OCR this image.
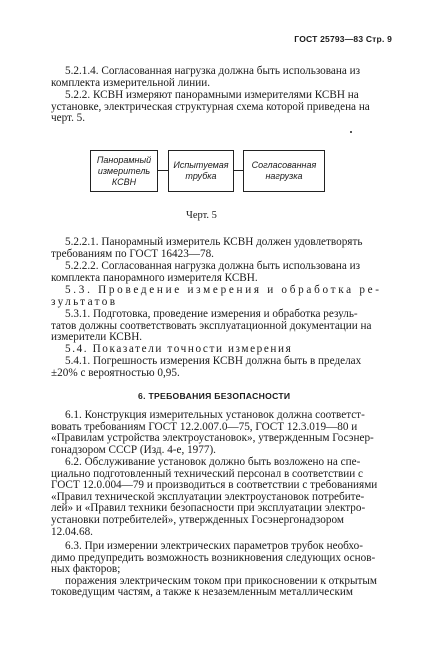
ГОСТ 25793—83 Стр. 9
5.2.1.4. Согласованная нагрузка должна быть использована из
комплекта измерительной линии.
5.2.2. КСВН измеряют панорамными измерителями КСВН на
установке, электрическая структурная схема которой приведена на
черт. 5.
Панорамный
измеритель
КСВН
Испытуемая
трубка
Согласованная
нагрузка
Черт. 5
5.2.2.1. Панорамный измеритель КСВН должен удовлетворять
требованиям по ГОСТ 16423—78.
5.2.2.2. Согласованная нагрузка должна быть использована из
комплекта панорамного измерителя КСВН.
5.3. Проведение измерения и обработка ре-
зультатов
5.3.1. Подготовка, проведение измерения и обработка резуль-
татов должны соответствовать эксплуатационной документации на
измерители КСВН.
5.4. Показатели точности измерения
5.4.1. Погрешность измерения КСВН должна быть в пределах
±20% с вероятностью 0,95.
6. ТРЕБОВАНИЯ БЕЗОПАСНОСТИ
6.1. Конструкция измерительных установок должна соответст-
вовать требованиям ГОСТ 12.2.007.0—75, ГОСТ 12.3.019—80 и
«Правилам устройства электроустановок», утвержденным Госэнер-
гонадзором СССР (Изд. 4-е, 1977).
6.2. Обслуживание установок должно быть возложено на спе-
циально подготовленный технический персонал в соответствии с
ГОСТ 12.0.004—79 и производиться в соответствии с требованиями
«Правил технической эксплуатации электроустановок потребите-
лей» и «Правил техники безопасности при эксплуатации электро-
установки потребителей», утвержденных Госэнергонадзором
12.04.68.
6.3. При измерении электрических параметров трубок необхо-
димо предупредить возможность возникновения следующих основ-
ных факторов;
поражения электрическим током при прикосновении к открытым
токоведущим частям, а также к незаземленным металлическим
